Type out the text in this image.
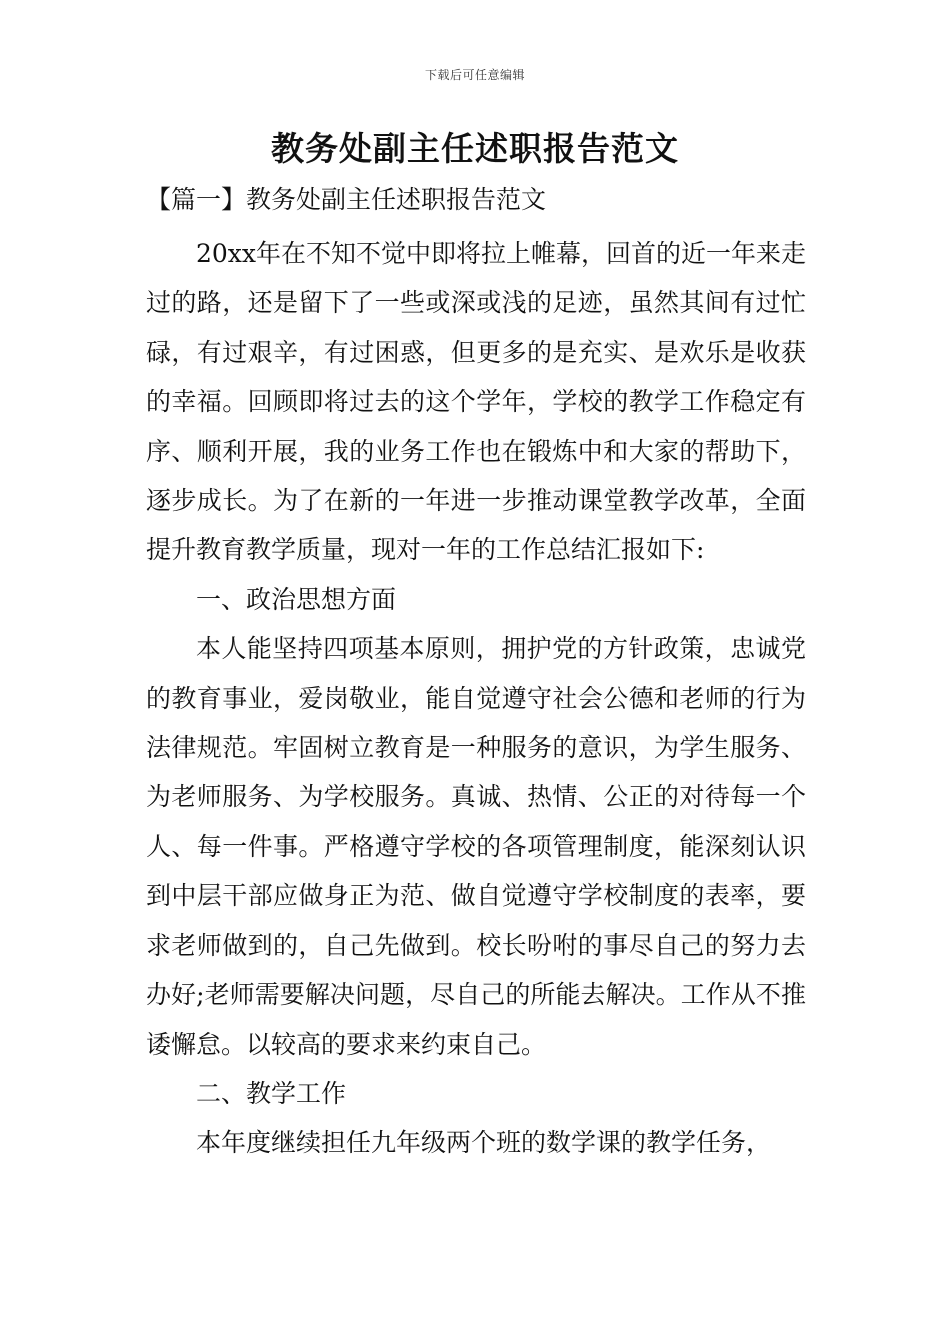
下载后可任意编辑
教务处副主任述职报告范文
【篇一】教务处副主任述职报告范文

20xx年在不知不觉中即将拉上帷幕，回首的近一年来走过的路，还是留下了一些或深或浅的足迹，虽然其间有过忙碌，有过艰辛，有过困惑，但更多的是充实、是欢乐是收获的幸福。回顾即将过去的这个学年，学校的教学工作稳定有序、顺利开展，我的业务工作也在锻炼中和大家的帮助下，逐步成长。为了在新的一年进一步推动课堂教学改革，全面提升教育教学质量，现对一年的工作总结汇报如下:

一、政治思想方面

本人能坚持四项基本原则，拥护党的方针政策，忠诚党的教育事业，爱岗敬业，能自觉遵守社会公德和老师的行为法律规范。牢固树立教育是一种服务的意识，为学生服务、为老师服务、为学校服务。真诚、热情、公正的对待每一个人、每一件事。严格遵守学校的各项管理制度，能深刻认识到中层干部应做身正为范、做自觉遵守学校制度的表率，要求老师做到的，自己先做到。校长吩咐的事尽自己的努力去办好;老师需要解决问题，尽自己的所能去解决。工作从不推诿懈怠。以较高的要求来约束自己。

二、教学工作

本年度继续担任九年级两个班的数学课的教学任务，
